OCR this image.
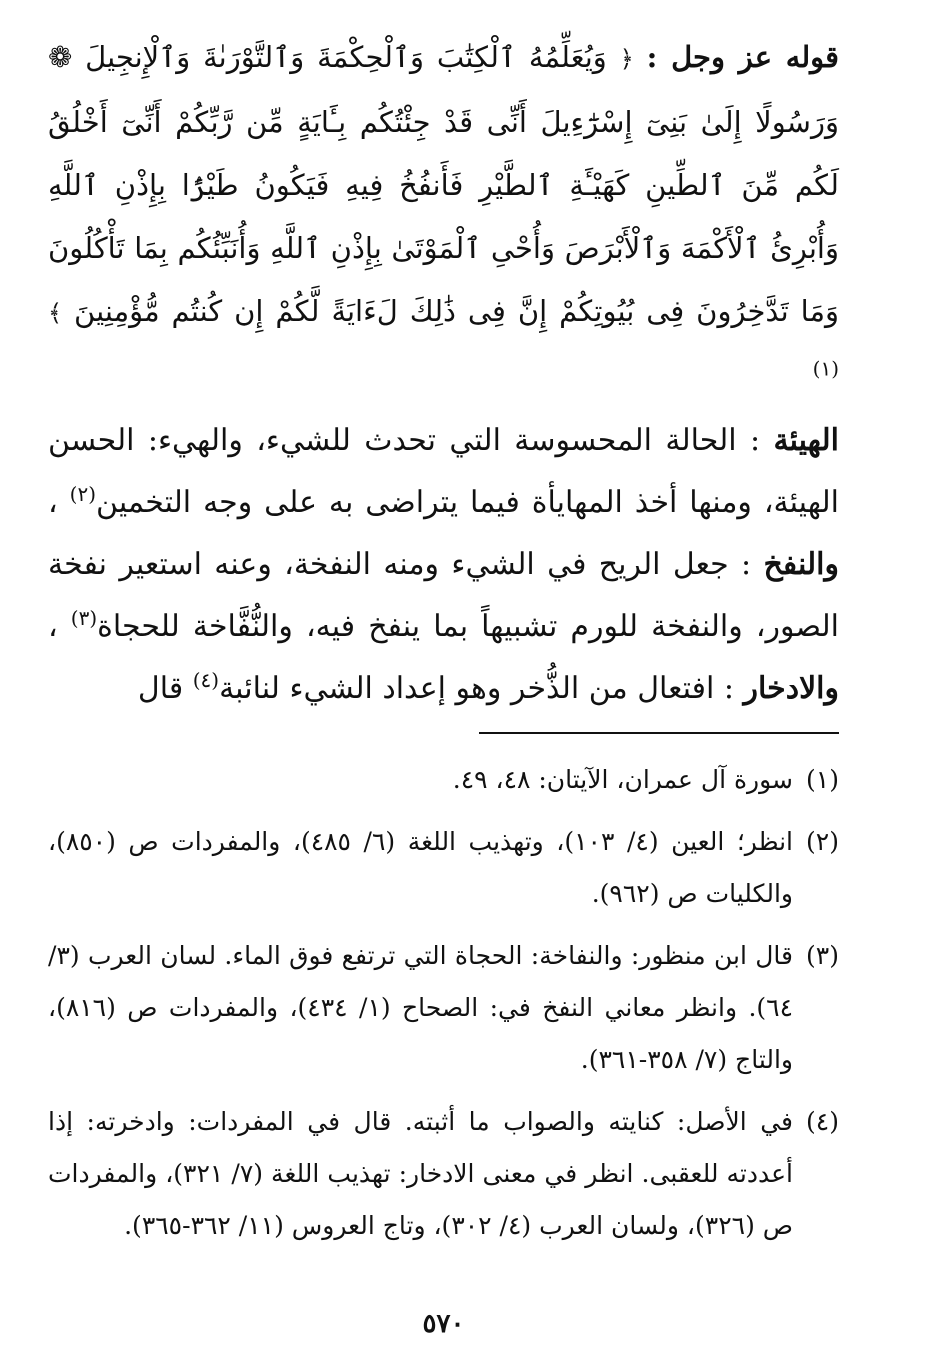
قوله عز وجل : ﴿ وَيُعَلِّمُهُ ٱلْكِتَٰبَ وَٱلْحِكْمَةَ وَٱلتَّوْرَىٰةَ وَٱلْإِنجِيلَ ❁ وَرَسُولًا إِلَىٰ بَنِىٓ إِسْرَٰٓءِيلَ أَنِّى قَدْ جِئْتُكُم بِـَٔايَةٍ مِّن رَّبِّكُمْ أَنِّىٓ أَخْلُقُ لَكُم مِّنَ ٱلطِّينِ كَهَيْـَٔةِ ٱلطَّيْرِ فَأَنفُخُ فِيهِ فَيَكُونُ طَيْرًۢا بِإِذْنِ ٱللَّهِ وَأُبْرِئُ ٱلْأَكْمَهَ وَٱلْأَبْرَصَ وَأُحْىِ ٱلْمَوْتَىٰ بِإِذْنِ ٱللَّهِ وَأُنَبِّئُكُم بِمَا تَأْكُلُونَ وَمَا تَدَّخِرُونَ فِى بُيُوتِكُمْ إِنَّ فِى ذَٰلِكَ لَءَايَةً لَّكُمْ إِن كُنتُم مُّؤْمِنِينَ ﴾ $^{(١)}$

الهيئة : الحالة المحسوسة التي تحدث للشيء، والهيء: الحسن الهيئة، ومنها أخذ المهايأة فيما يتراضى به على وجه التخمين$^{(٢)}$ ، والنفخ : جعل الريح في الشيء ومنه النفخة، وعنه استعير نفخة الصور، والنفخة للورم تشبيهاً بما ينفخ فيه، والنُّفَّاخة للحجاة$^{(٣)}$ ، والادخار : افتعال من الذُّخر وهو إعداد الشيء لنائبة$^{(٤)}$ قال

(١)
سورة آل عمران، الآيتان: ٤٨، ٤٩.
(٢)
انظر؛ العين (٤/ ١٠٣)، وتهذيب اللغة (٦/ ٤٨٥)، والمفردات ص (٨٥٠)، والكليات ص (٩٦٢).
(٣)
قال ابن منظور: والنفاخة: الحجاة التي ترتفع فوق الماء. لسان العرب (٣/ ٦٤). وانظر معاني النفخ في: الصحاح (١/ ٤٣٤)، والمفردات ص (٨١٦)، والتاج (٧/ ٣٥٨-٣٦١).
(٤)
في الأصل: كنايته والصواب ما أثبته. قال في المفردات: وادخرته: إذا أعددته للعقبى. انظر في معنى الادخار: تهذيب اللغة (٧/ ٣٢١)، والمفردات ص (٣٢٦)، ولسان العرب (٤/ ٣٠٢)، وتاج العروس (١١/ ٣٦٢-٣٦٥).
٥٧٠
